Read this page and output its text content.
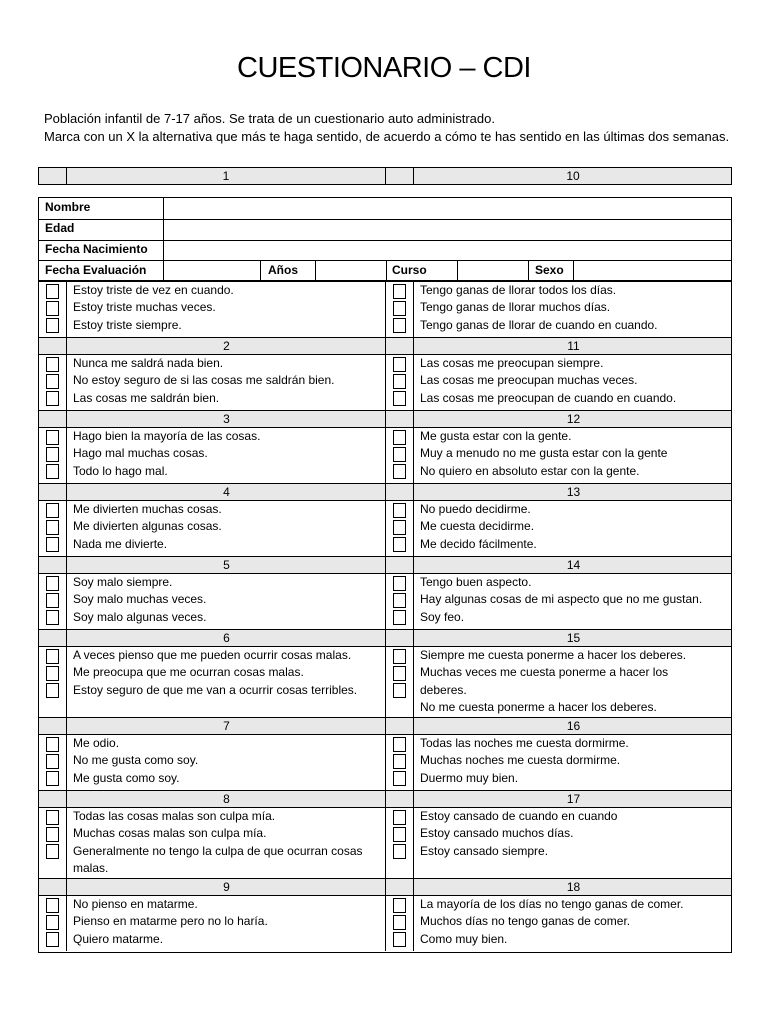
CUESTIONARIO – CDI

Población infantil de 7-17 años. Se trata de un cuestionario auto administrado.

Marca con un X la alternativa que más te haga sentido, de acuerdo a cómo te has sentido en las últimas dos semanas.

1	10
Nombre
Edad
Fecha Nacimiento
Fecha Evaluación	Años	Curso	Sexo
Estoy triste de vez en cuando.
Estoy triste muchas veces.
Estoy triste siempre.
Tengo ganas de llorar todos los días.
Tengo ganas de llorar muchos días.
Tengo ganas de llorar de cuando en cuando.
2	11
Nunca me saldrá nada bien.
No estoy seguro de si las cosas me saldrán bien.
Las cosas me saldrán bien.
Las cosas me preocupan siempre.
Las cosas me preocupan muchas veces.
Las cosas me preocupan de cuando en cuando.
3	12
Hago bien la mayoría de las cosas.
Hago mal muchas cosas.
Todo lo hago mal.
Me gusta estar con la gente.
Muy a menudo no me gusta estar con la gente
No quiero en absoluto estar con la gente.
4	13
Me divierten muchas cosas.
Me divierten algunas cosas.
Nada me divierte.
No puedo decidirme.
Me cuesta decidirme.
Me decido fácilmente.
5	14
Soy malo siempre.
Soy malo muchas veces.
Soy malo algunas veces.
Tengo buen aspecto.
Hay algunas cosas de mi aspecto que no me gustan.
Soy feo.
6	15
A veces pienso que me pueden ocurrir cosas malas.
Me preocupa que me ocurran cosas malas.
Estoy seguro de que me van a ocurrir cosas terribles.
Siempre me cuesta ponerme a hacer los deberes.
Muchas veces me cuesta ponerme a hacer los
deberes.
No me cuesta ponerme a hacer los deberes.
7	16
Me odio.
No me gusta como soy.
Me gusta como soy.
Todas las noches me cuesta dormirme.
Muchas noches me cuesta dormirme.
Duermo muy bien.
8	17
Todas las cosas malas son culpa mía.
Muchas cosas malas son culpa mía.
Generalmente no tengo la culpa de que ocurran cosas
malas.
Estoy cansado de cuando en cuando
Estoy cansado muchos días.
Estoy cansado siempre.
9	18
No pienso en matarme.
Pienso en matarme pero no lo haría.
Quiero matarme.
La mayoría de los días no tengo ganas de comer.
Muchos días no tengo ganas de comer.
Como muy bien.
